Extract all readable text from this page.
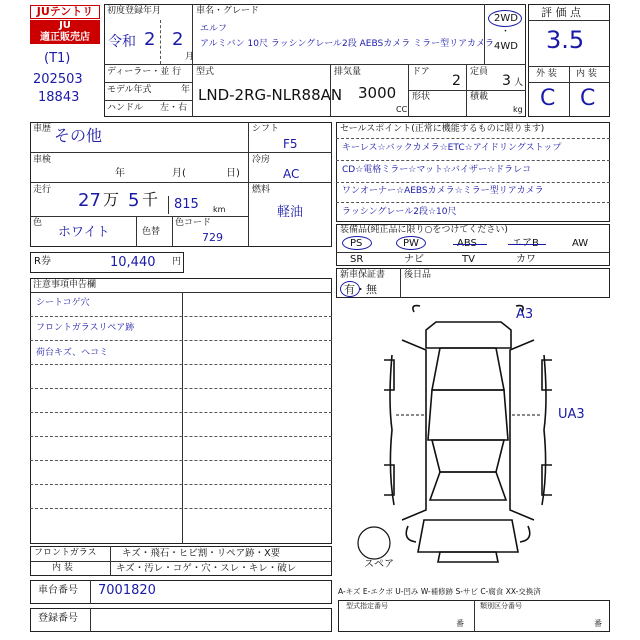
JUテントリ
JU
適正販売店
(T1)
202503
18843
初度登録年月
令和 2 2
月
車名・グレード
エルフ
アルミバン 10尺 ラッシングレール2段 AEBSカメラ ミラー型リアカメラ
2WD
・
4WD
ディーラー・並 行
モデル年式	年
ハンドル 左・右
型式
LND-2RG-NLR88AN
排気量
3000
CC
ドア
2
定員
3 人
形状	積載
kg
評 価 点
3.5
外 装 内 装
C C
車歴 その他
車検
年	月(	日)
走行 27 万 5 千 815 km
色
ホワイト	色替
色コード
729
シフト
F5
冷房
AC
燃料
軽油
R券	10,440 円
セールスポイント(正常に機能するものに限ります)
キーレス☆バックカメラ☆ETC☆アイドリングストップ
CD☆電格ミラー☆マット☆バイザー☆ドラレコ
ワンオーナー☆AEBSカメラ☆ミラー型リアカメラ
ラッシングレール2段☆10尺
装備品(純正品に限り○をつけてください)
PS	PW	ABS	エアB	AW
SR	ナビ	TV	カワ
新車保証書
有・無
後日品
注意事項申告欄
シートコゲ穴
フロントガラスリペア跡
荷台キズ、ヘコミ
A3
UA3
スペア
フロントガラス	キズ・飛石・ヒビ割・リペア跡・X要
内 装	キズ・汚レ・コゲ・穴・スレ・キレ・破レ
車台番号 7001820
登録番号
A-キズ E-エクボ U-凹み W-補修跡 S-サビ C-腐食 XX-交換済
型式指定番号	類別区分番号
番	番
